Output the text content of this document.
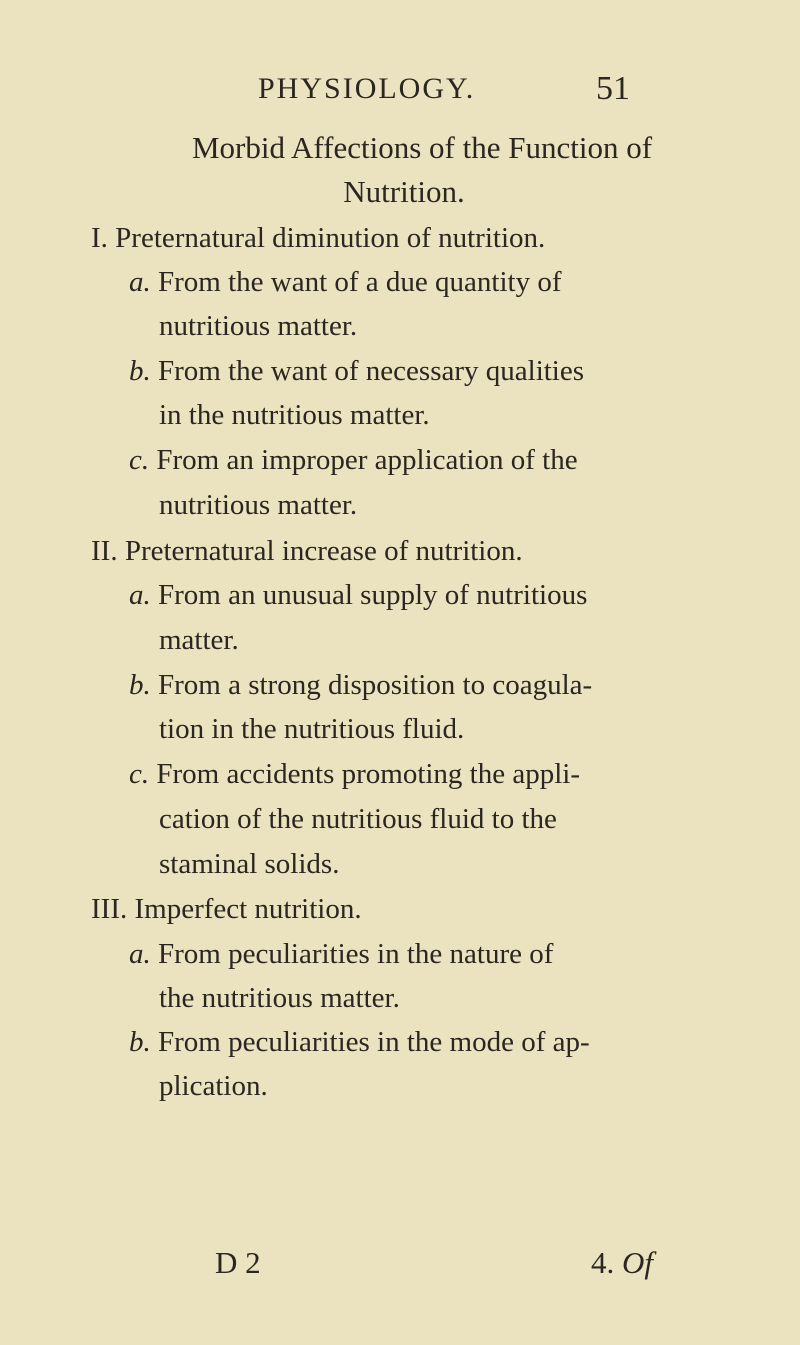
PHYSIOLOGY.	51
Morbid Affections of the Function of
Nutrition.
I. Preternatural diminution of nutrition.
a. From the want of a due quantity of
nutritious matter.
b. From the want of necessary qualities
in the nutritious matter.
c. From an improper application of the
nutritious matter.
II. Preternatural increase of nutrition.
a. From an unusual supply of nutritious
matter.
b. From a strong disposition to coagula-
tion in the nutritious fluid.
c. From accidents promoting the appli-
cation of the nutritious fluid to the
staminal solids.
III. Imperfect nutrition.
a. From peculiarities in the nature of
the nutritious matter.
b. From peculiarities in the mode of ap-
plication.
D 2	4. Of
